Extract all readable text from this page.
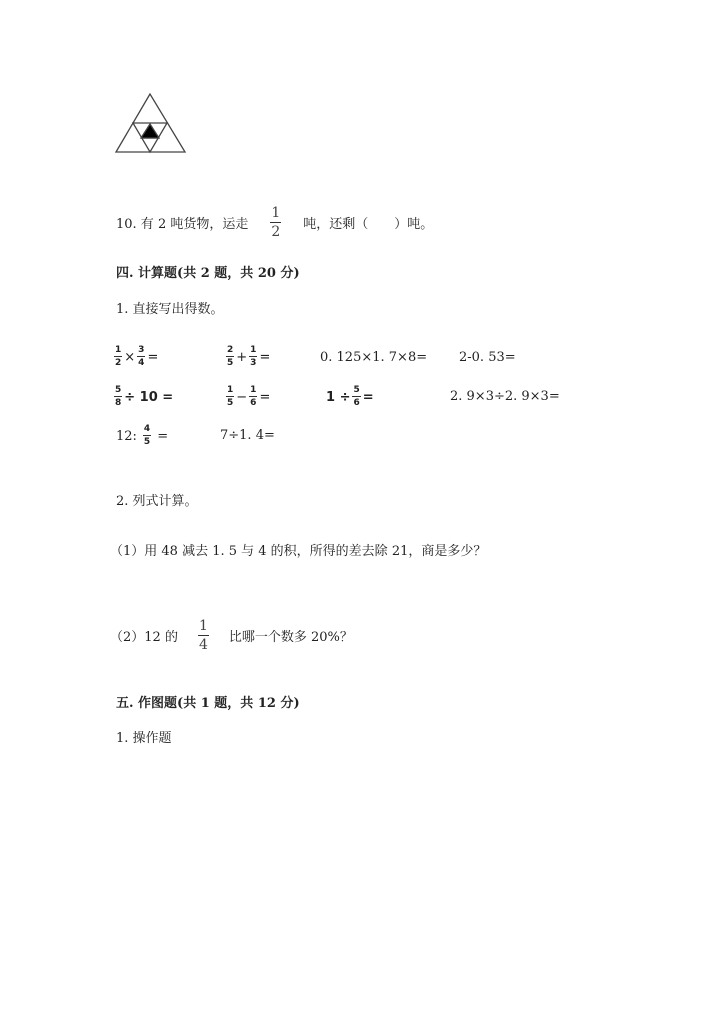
10. 有 2 吨货物，运走 $\frac{1}{2}$ 吨，还剩（　　）吨。
四. 计算题(共 2 题，共 20 分)
1. 直接写出得数。
$\frac{1}{2} \times \frac{3}{4}$ =	$\frac{2}{5} + \frac{1}{3}$ =	0. 125×1. 7×8= 2-0. 53=
$\frac{5}{8} \div 10$ =	$\frac{1}{5} - \frac{1}{6}$ =	$1 \div \frac{5}{6}$ =	2. 9×3÷2. 9×3=
12: $\frac{4}{5}$ =	7÷1. 4=
2. 列式计算。
（1）用 48 减去 1. 5 与 4 的积，所得的差去除 21，商是多少？
（2）12 的 $\frac{1}{4}$ 比哪一个数多 20%？
五. 作图题(共 1 题，共 12 分)
1. 操作题
